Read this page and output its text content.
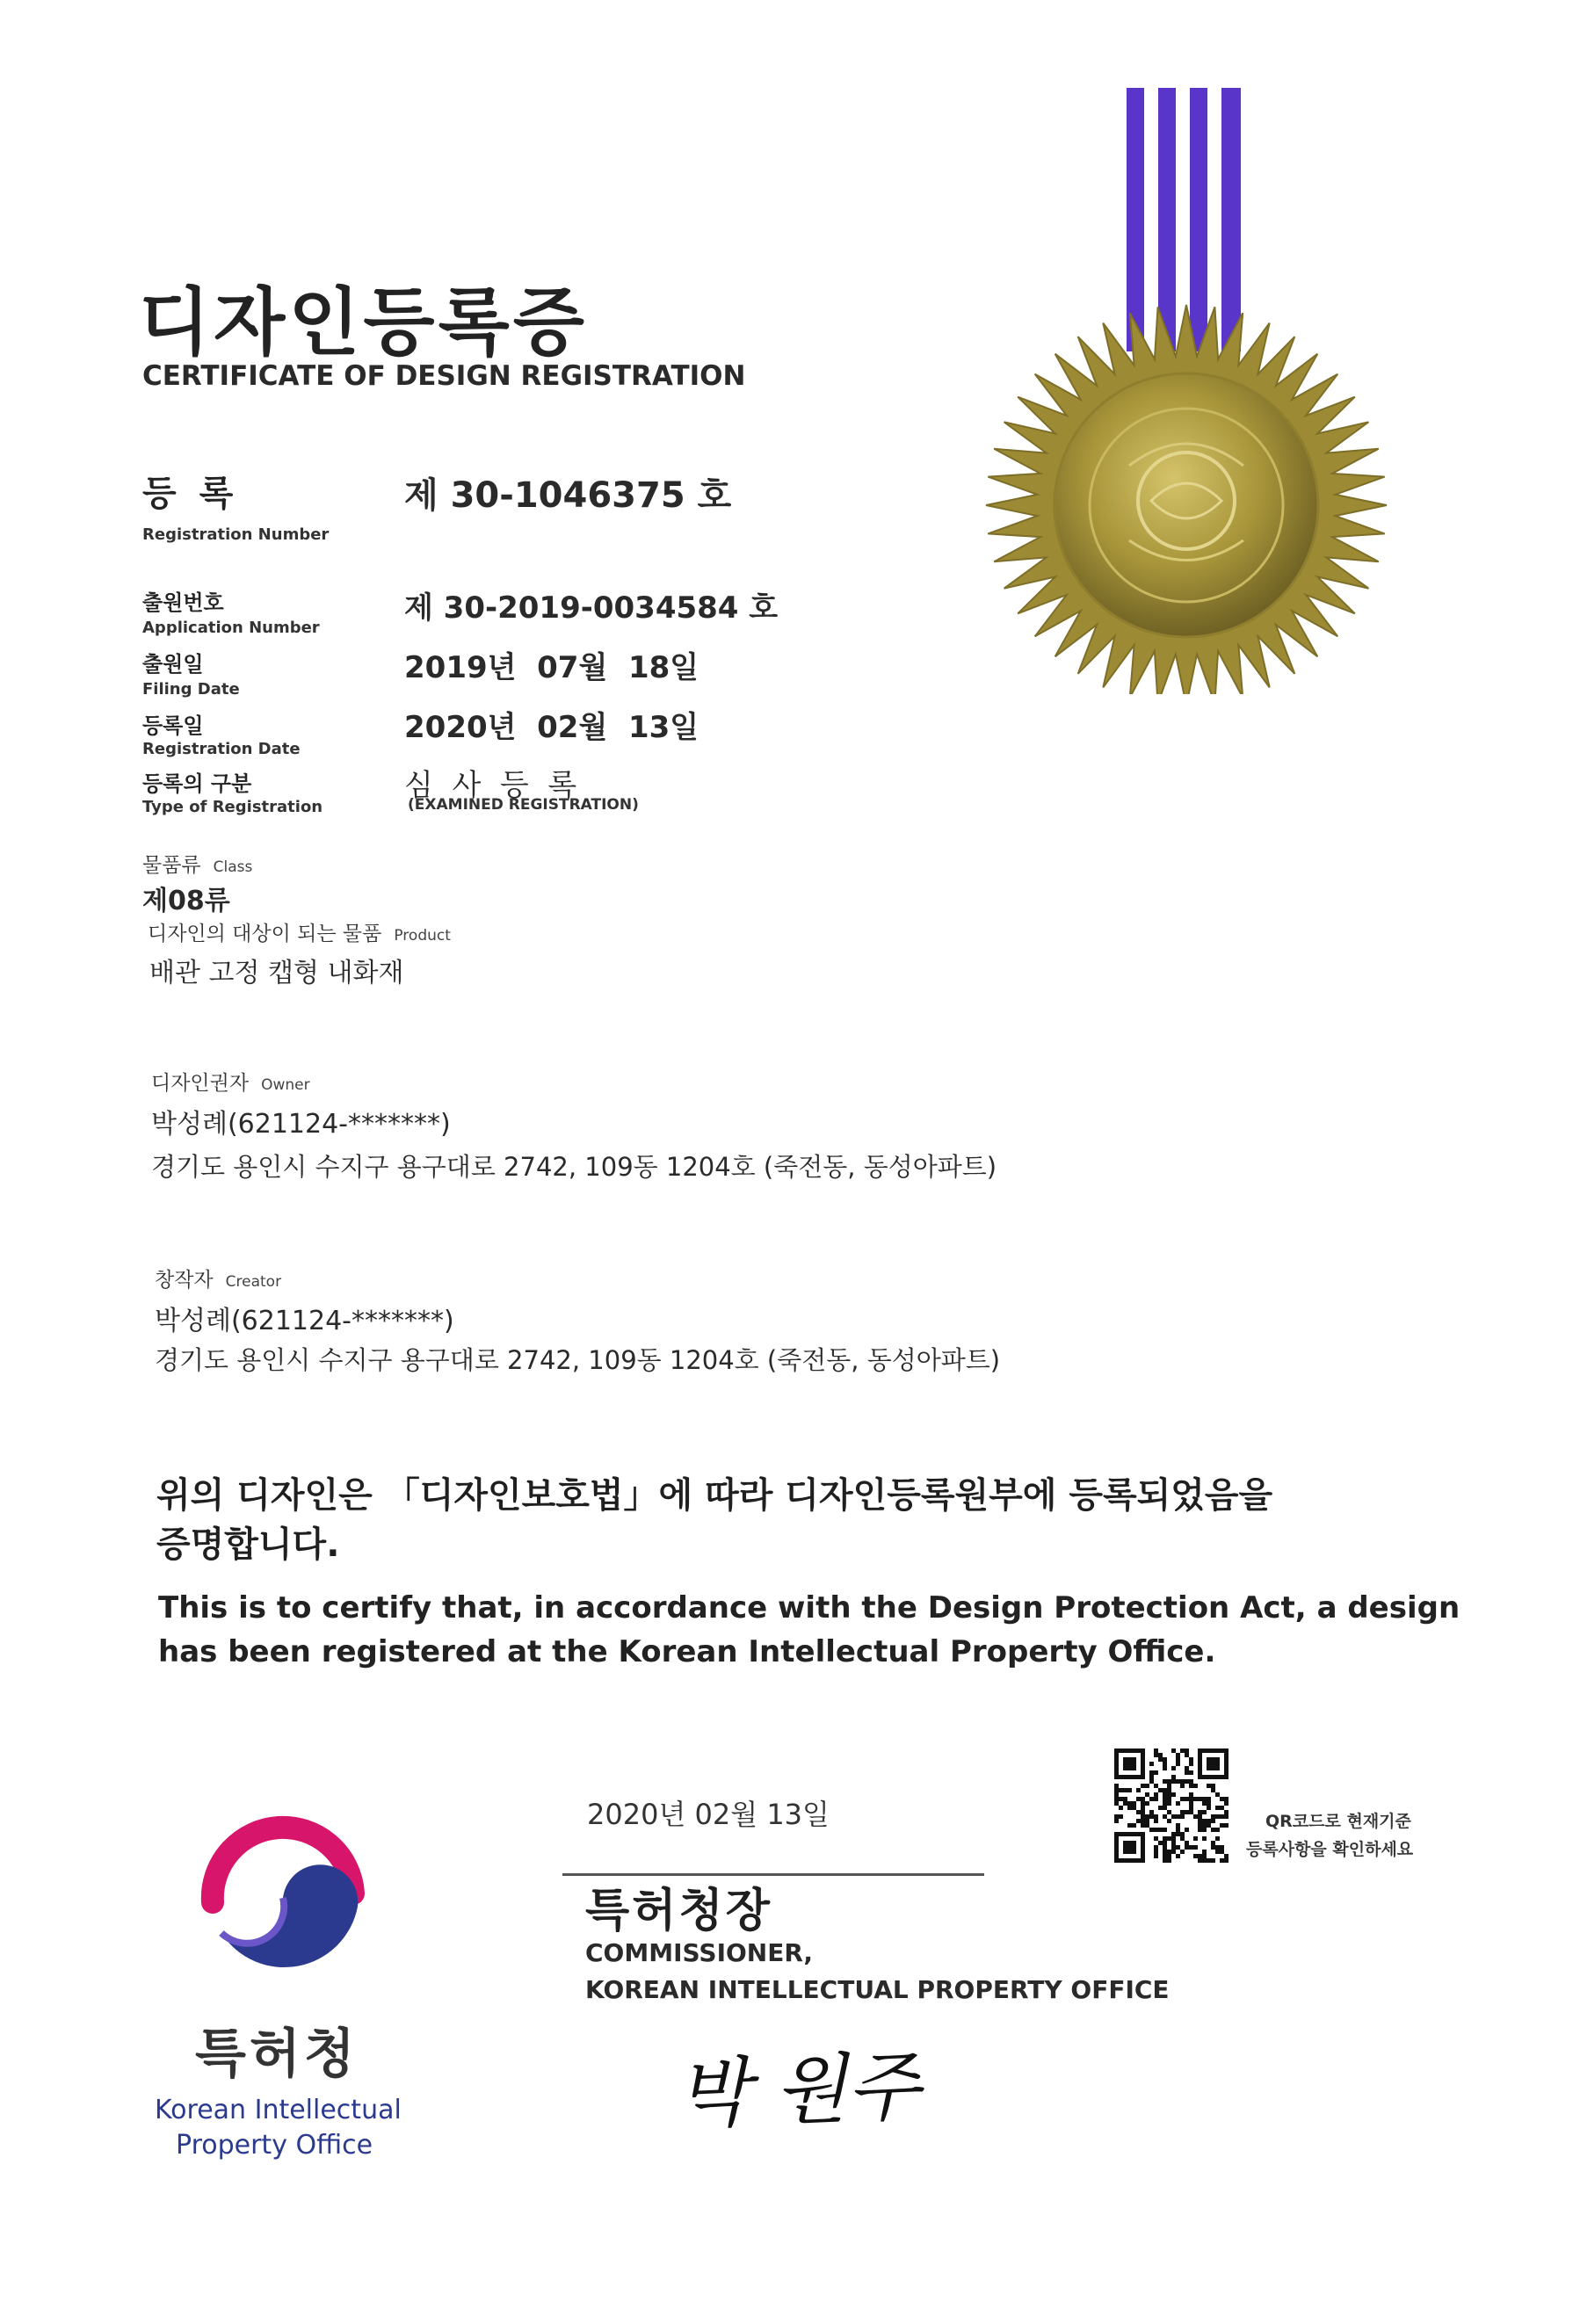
디자인등록증
CERTIFICATE OF DESIGN REGISTRATION
등 록
Registration Number
제 30-1046375 호
출원번호
Application Number
제 30-2019-0034584 호
출원일
Filing Date
2019년  07월  18일
등록일
Registration Date
2020년  02월  13일
등록의 구분
Type of Registration
심  사  등  록
(EXAMINED REGISTRATION)
물품류 Class
제08류
디자인의 대상이 되는 물품 Product
배관 고정 캡형 내화재
디자인권자 Owner
박성례(621124-*******)
경기도 용인시 수지구 용구대로 2742, 109동 1204호 (죽전동, 동성아파트)
창작자 Creator
박성례(621124-*******)
경기도 용인시 수지구 용구대로 2742, 109동 1204호 (죽전동, 동성아파트)
위의 디자인은 「디자인보호법」에 따라 디자인등록원부에 등록되었음을
증명합니다.
This is to certify that, in accordance with the Design Protection Act, a design
has been registered at the Korean Intellectual Property Office.
2020년 02월 13일	QR코드로 현재기준
등록사항을 확인하세요
특허청장
COMMISSIONER,
KOREAN INTELLECTUAL PROPERTY OFFICE
박 원주
특허청
Korean Intellectual
Property Office
